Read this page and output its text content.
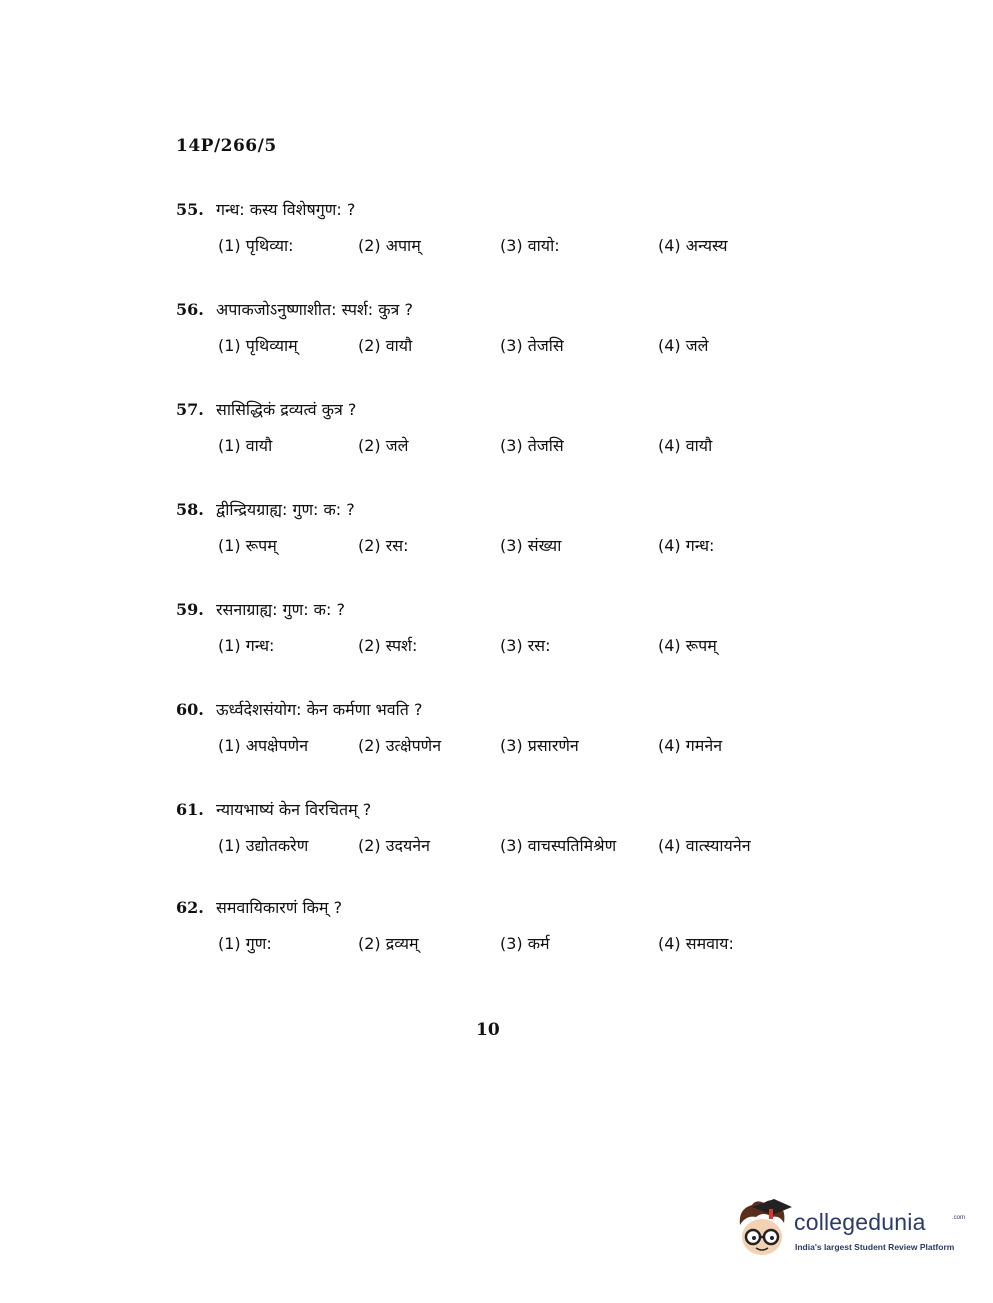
14P/266/5
55. गन्ध: कस्य विशेषगुण: ?
(1) पृथिव्या:	(2) अपाम्	(3) वायो:	(4) अन्यस्य
56. अपाकजोऽनुष्णाशीत: स्पर्श: कुत्र ?
(1) पृथिव्याम्	(2) वायौ	(3) तेजसि	(4) जले
57. सासिद्धिकं द्रव्यत्वं कुत्र ?
(1) वायौ	(2) जले	(3) तेजसि	(4) वायौ
58. द्वीन्द्रियग्राह्य: गुण: क: ?
(1) रूपम्	(2) रस:	(3) संख्या	(4) गन्ध:
59. रसनाग्राह्य: गुण: क: ?
(1) गन्ध:	(2) स्पर्श:	(3) रस:	(4) रूपम्
60. ऊर्ध्वदेशसंयोग: केन कर्मणा भवति ?
(1) अपक्षेपणेन	(2) उत्क्षेपणेन	(3) प्रसारणेन	(4) गमनेन
61. न्यायभाष्यं केन विरचितम् ?
(1) उद्योतकरेण	(2) उदयनेन	(3) वाचस्पतिमिश्रेण	(4) वात्स्यायनेन
62. समवायिकारणं किम् ?
(1) गुण:	(2) द्रव्यम्	(3) कर्म	(4) समवाय:
10
collegedunia	.com
India's largest Student Review Platform
